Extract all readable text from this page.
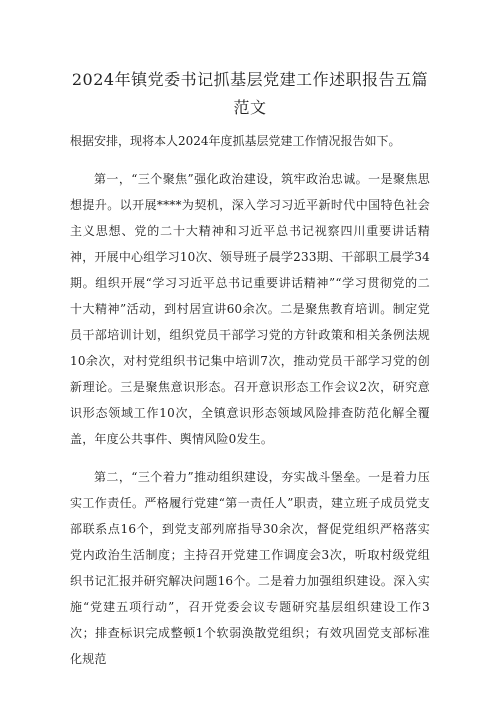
2024年镇党委书记抓基层党建工作述职报告五篇范文

根据安排，现将本人2024年度抓基层党建工作情况报告如下。

第一，“三个聚焦”强化政治建设，筑牢政治忠诚。一是聚焦思想提升。以开展****为契机，深入学习习近平新时代中国特色社会主义思想、党的二十大精神和习近平总书记视察四川重要讲话精神，开展中心组学习10次、领导班子晨学233期、干部职工晨学34期。组织开展“学习习近平总书记重要讲话精神”“学习贯彻党的二十大精神”活动，到村居宣讲60余次。二是聚焦教育培训。制定党员干部培训计划，组织党员干部学习党的方针政策和相关条例法规10余次，对村党组织书记集中培训7次，推动党员干部学习党的创新理论。三是聚焦意识形态。召开意识形态工作会议2次，研究意识形态领域工作10次，全镇意识形态领域风险排查防范化解全覆盖，年度公共事件、舆情风险0发生。

第二，“三个着力”推动组织建设，夯实战斗堡垒。一是着力压实工作责任。严格履行党建“第一责任人”职责，建立班子成员党支部联系点16个，到党支部列席指导30余次，督促党组织严格落实党内政治生活制度；主持召开党建工作调度会3次，听取村级党组织书记汇报并研究解决问题16个。二是着力加强组织建设。深入实施“党建五项行动”，召开党委会议专题研究基层组织建设工作3次；排查标识完成整顿1个软弱涣散党组织；有效巩固党支部标准化规范
